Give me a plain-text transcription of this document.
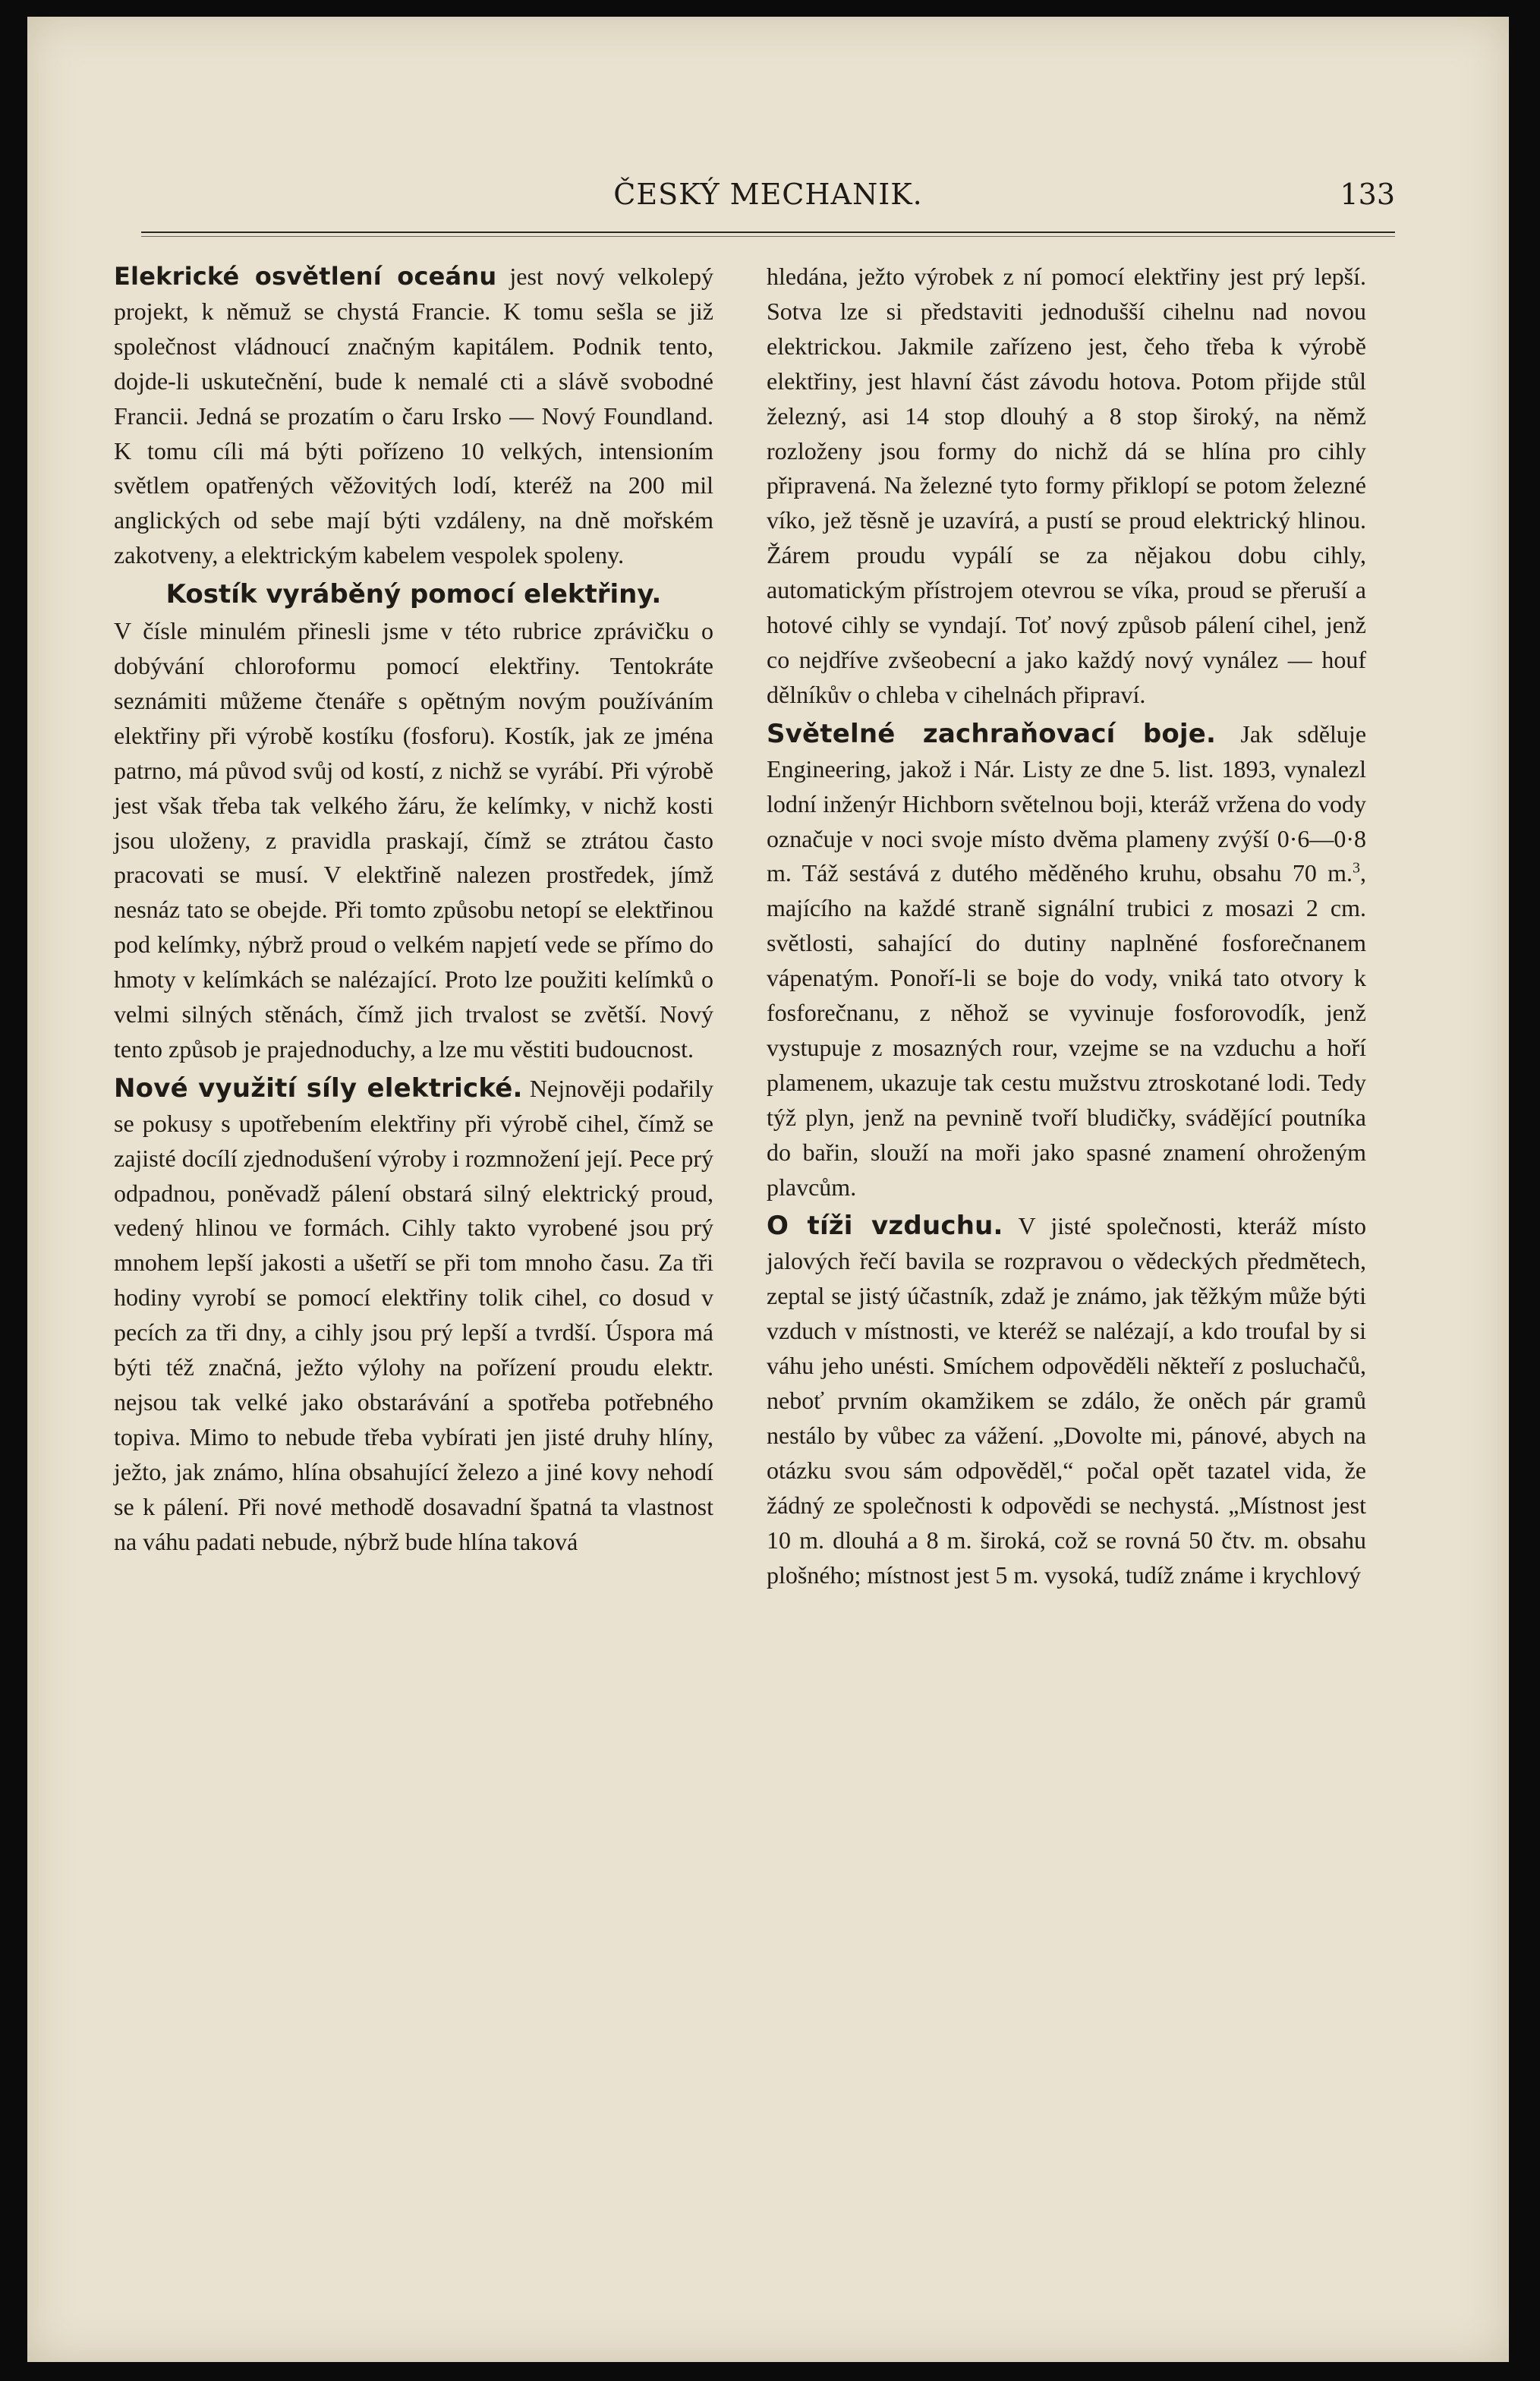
ČESKÝ MECHANIK.	133

Elekrické osvětlení oceánu jest nový velkolepý projekt, k němuž se chystá Francie. K tomu sešla se již společnost vládnoucí značným kapitálem. Podnik tento, dojde-li uskutečnění, bude k nemalé cti a slávě svobodné Francii. Jedná se prozatím o čaru Irsko — Nový Foundland. K tomu cíli má býti pořízeno 10 velkých, intensioním světlem opatřených věžovitých lodí, kteréž na 200 mil anglických od sebe mají býti vzdáleny, na dně mořském zakotveny, a elektrickým kabelem vespolek spoleny.

Kostík vyráběný pomocí elektřiny.

V čísle minulém přinesli jsme v této rubrice zprávičku o dobývání chloroformu pomocí elektřiny. Tentokráte seznámiti můžeme čtenáře s opětným novým používáním elektřiny při výrobě kostíku (fosforu). Kostík, jak ze jména patrno, má původ svůj od kostí, z nichž se vyrábí. Při výrobě jest však třeba tak velkého žáru, že kelímky, v nichž kosti jsou uloženy, z pravidla praskají, čímž se ztrátou často pracovati se musí. V elektřině nalezen prostředek, jímž nesnáz tato se obejde. Při tomto způsobu netopí se elektřinou pod kelímky, nýbrž proud o velkém napjetí vede se přímo do hmoty v kelímkách se nalézající. Proto lze použiti kelímků o velmi silných stěnách, čímž jich trvalost se zvětší. Nový tento způsob je prajednoduchy, a lze mu věstiti budoucnost.

Nové využití síly elektrické. Nejnověji podařily se pokusy s upotřebením elektřiny při výrobě cihel, čímž se zajisté docílí zjednodušení výroby i rozmnožení její. Pece prý odpadnou, poněvadž pálení obstará silný elektrický proud, vedený hlinou ve formách. Cihly takto vyrobené jsou prý mnohem lepší jakosti a ušetří se při tom mnoho času. Za tři hodiny vyrobí se pomocí elektřiny tolik cihel, co dosud v pecích za tři dny, a cihly jsou prý lepší a tvrdší. Úspora má býti též značná, ježto výlohy na pořízení proudu elektr. nejsou tak velké jako obstarávání a spotřeba potřebného topiva. Mimo to nebude třeba vybírati jen jisté druhy hlíny, ježto, jak známo, hlína obsahující železo a jiné kovy nehodí se k pálení. Při nové methodě dosavadní špatná ta vlastnost na váhu padati nebude, nýbrž bude hlína taková

hledána, ježto výrobek z ní pomocí elektřiny jest prý lepší. Sotva lze si představiti jednodušší cihelnu nad novou elektrickou. Jakmile zařízeno jest, čeho třeba k výrobě elektřiny, jest hlavní část závodu hotova. Potom přijde stůl železný, asi 14 stop dlouhý a 8 stop široký, na němž rozloženy jsou formy do nichž dá se hlína pro cihly připravená. Na železné tyto formy přiklopí se potom železné víko, jež těsně je uzavírá, a pustí se proud elektrický hlinou. Žárem proudu vypálí se za nějakou dobu cihly, automatickým přístrojem otevrou se víka, proud se přeruší a hotové cihly se vyndají. Toť nový způsob pálení cihel, jenž co nejdříve zvšeobecní a jako každý nový vynález — houf dělníkův o chleba v cihelnách připraví.

Světelné zachraňovací boje. Jak sděluje Engineering, jakož i Nár. Listy ze dne 5. list. 1893, vynalezl lodní inženýr Hichborn světelnou boji, kteráž vržena do vody označuje v noci svoje místo dvěma plameny zvýší 0·6—0·8 m. Táž sestává z dutého měděného kruhu, obsahu 70 m.$^3$, majícího na každé straně signální trubici z mosazi 2 cm. světlosti, sahající do dutiny naplněné fosforečnanem vápenatým. Ponoří-li se boje do vody, vniká tato otvory k fosforečnanu, z něhož se vyvinuje fosforovodík, jenž vystupuje z mosazných rour, vzejme se na vzduchu a hoří plamenem, ukazuje tak cestu mužstvu ztroskotané lodi. Tedy týž plyn, jenž na pevnině tvoří bludičky, svádějící poutníka do bařin, slouží na moři jako spasné znamení ohroženým plavcům.

O tíži vzduchu. V jisté společnosti, kteráž místo jalových řečí bavila se rozpravou o vědeckých předmětech, zeptal se jistý účastník, zdaž je známo, jak těžkým může býti vzduch v místnosti, ve kteréž se nalézají, a kdo troufal by si váhu jeho unésti. Smíchem odpověděli někteří z posluchačů, neboť prvním okamžikem se zdálo, že oněch pár gramů nestálo by vůbec za vážení. „Dovolte mi, pánové, abych na otázku svou sám odpověděl,“ počal opět tazatel vida, že žádný ze společnosti k odpovědi se nechystá. „Místnost jest 10 m. dlouhá a 8 m. široká, což se rovná 50 čtv. m. obsahu plošného; místnost jest 5 m. vysoká, tudíž známe i krychlový
